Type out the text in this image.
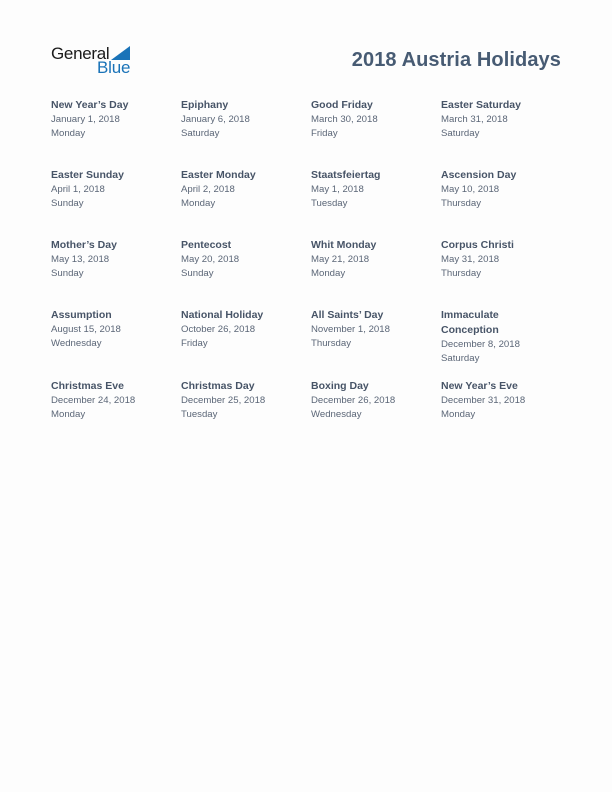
General
Blue	2018 Austria Holidays
New Year’s Day
January 1, 2018
Monday
Epiphany
January 6, 2018
Saturday
Good Friday
March 30, 2018
Friday
Easter Saturday
March 31, 2018
Saturday
Easter Sunday
April 1, 2018
Sunday
Easter Monday
April 2, 2018
Monday
Staatsfeiertag
May 1, 2018
Tuesday
Ascension Day
May 10, 2018
Thursday
Mother’s Day
May 13, 2018
Sunday
Pentecost
May 20, 2018
Sunday
Whit Monday
May 21, 2018
Monday
Corpus Christi
May 31, 2018
Thursday
Assumption
August 15, 2018
Wednesday
National Holiday
October 26, 2018
Friday
All Saints’ Day
November 1, 2018
Thursday
Immaculate Conception
December 8, 2018
Saturday
Christmas Eve
December 24, 2018
Monday
Christmas Day
December 25, 2018
Tuesday
Boxing Day
December 26, 2018
Wednesday
New Year’s Eve
December 31, 2018
Monday
